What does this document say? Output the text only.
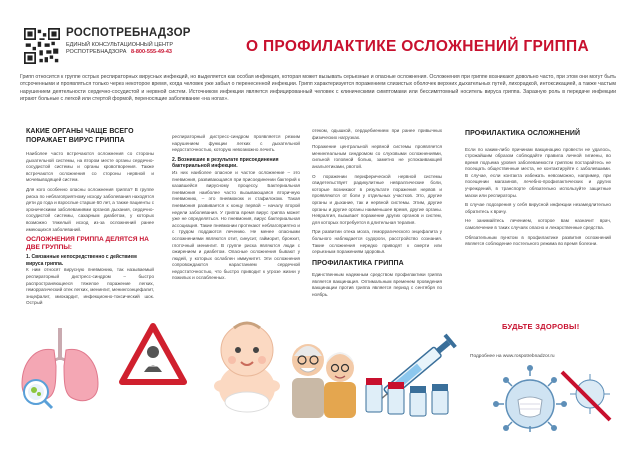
РОСПОТРЕБНАДЗОР
ЕДИНЫЙ КОНСУЛЬТАЦИОННЫЙ ЦЕНТР
РОСПОТРЕБНАДЗОРА 8-800-555-49-43	О ПРОФИЛАКТИКЕ ОСЛОЖНЕНИЙ ГРИППА
Грипп относится к группе острых респираторных вирусных инфекций, но выделяется как особая инфекция, которая может вызывать серьезные и опасные осложнения. Осложнения при гриппе возникают довольно часто, при этом они могут быть отсроченными и проявляться только через некоторое время, когда человек уже забыл о перенесенной инфекции. Грипп характеризуется поражением слизистых оболочек верхних дыхательных путей, лихорадкой, интоксикацией, а также частым нарушением деятельности сердечно-сосудистой и нервной систем. Источником инфекции является инфицированный человек с клиническими симптомами или бессимптомный носитель вируса гриппа. Заразную роль в передаче инфекции играют больные с легкой или стертой формой, переносящие заболевание «на ногах».
КАКИЕ ОРГАНЫ ЧАЩЕ ВСЕГО ПОРАЖАЕТ ВИРУС ГРИППА

Наиболее часто встречаются осложнения со стороны дыхательной системы, на втором месте органы сердечно-сосудистой системы и органы кровотворения. Также встречаются осложнения со стороны нервной и мочевыводящей систем.

Для кого особенно опасны осложнения гриппа? В группе риска по неблагоприятному исходу заболевания находятся дети до года и взрослые старше 60 лет, а также пациенты с хроническими заболеваниями органов дыхания, сердечно-сосудистой системы, сахарным диабетом, у которых возможно тяжелый исход из-за осложнений ранее имеющихся заболеваний.

ОСЛОЖНЕНИЯ ГРИППА ДЕЛЯТСЯ НА ДВЕ ГРУППЫ:
1. Связанные непосредственно с действием вируса гриппа.

К ним относят вирусную пневмонию, так называемый респираторный дистресс-синдром – быстро распространяющееся тяжелое поражение легких, геморрагический отек легких, менингит, менингоэнцефалит, энцефалит, миокардит, инфекционно-токсический шок. Острый

респираторный дистресс-синдром проявляется резким нарушением функции легких с дыхательной недостаточностью, которую невозможно лечить.

2. Возникшие в результате присоединения бактериальной инфекции.

Из них наиболее опасное и частое осложнение – это пневмония, развивающаяся при присоединении бактерий к казавшейся вирусному процессу. Бактериальная пневмония наиболее часто вызывающаяся вторичную пневмонию, – это пневмококк и стафилококк. Такая пневмония развивается к концу первой – началу второй недели заболевания. У гриппа время вирус гриппа может уже не определяться. Но пневмония, вирус бактериальная ассоциация. Такие пневмонии протекают неблагоприятно и с трудом поддаются лечению. Не менее опасными осложнениями являются отит, синусит, гайморит, бронхит, глоточный менингит. В группе риска являются люди с ожирением и диабетом. Опасные осложнения бывают у людей, у которых ослаблен иммунитет. Эти осложнения сопровождаются нарастанием сердечной недостаточностью, что быстро приводит к угрозе жизни у пожилых и ослабленных.

отеком, одышкой, сердцебиением при ранее привычных физических нагрузках.

Поражение центральной нервной системы проявляется менингеальным синдромом со слуховыми осложнениями, сильной головной болью, заметно не успокаивающей анальгетиками, рвотой.

О поражении периферической нервной системы свидетельствует радикулитные невралгические боли, которые возникают в результате поражения нервов и проявляются от боли у отдельных участков. Это, другие органы и дыхание, так и нервной системы. Этим, другие органы и другие органы наименьшее время, другие органы. Невралгия, вызывает поражение других органов и систем, для которых потребуется в длительная терапия.

При развитии отека мозга, геморрагического энцефалита у больного наблюдается судороги, расстройство сознания. Такие осложнения нередко приводят к смерти или серьезным поражениям здоровья.

ПРОФИЛАКТИКА ГРИППА

Единственным надежным средством профилактики гриппа является вакцинация. Оптимальным временем проведения вакцинации против гриппа является период с сентября по ноябрь.

ПРОФИЛАКТИКА ОСЛОЖНЕНИЙ

Если по каким-либо причинам вакцинацию провести не удалось, строжайшим образом соблюдайте правила личной гигиены, во время подъема уровня заболеваемости гриппом постарайтесь не посещать общественные места, не контактируйте с заболевшими. В случае, если контакта избежать невозможно, например, при посещении магазинов, лечебно-профилактических и других учреждений, в транспорте обязательно используйте защитные маски или респираторы.

В случае подозрения у себя вирусной инфекции незамедлительно обратитесь к врачу.

Не занимайтесь лечением, которое вам назначит врач, самолечение в таких случаях опасно и лекарственные средства.

Обязательным пунктом в профилактике развития осложнений является соблюдение постельного режима во время болезни.

БУДЬТЕ ЗДОРОВЫ!
Подробнее на www.rospotrebnadzor.ru
